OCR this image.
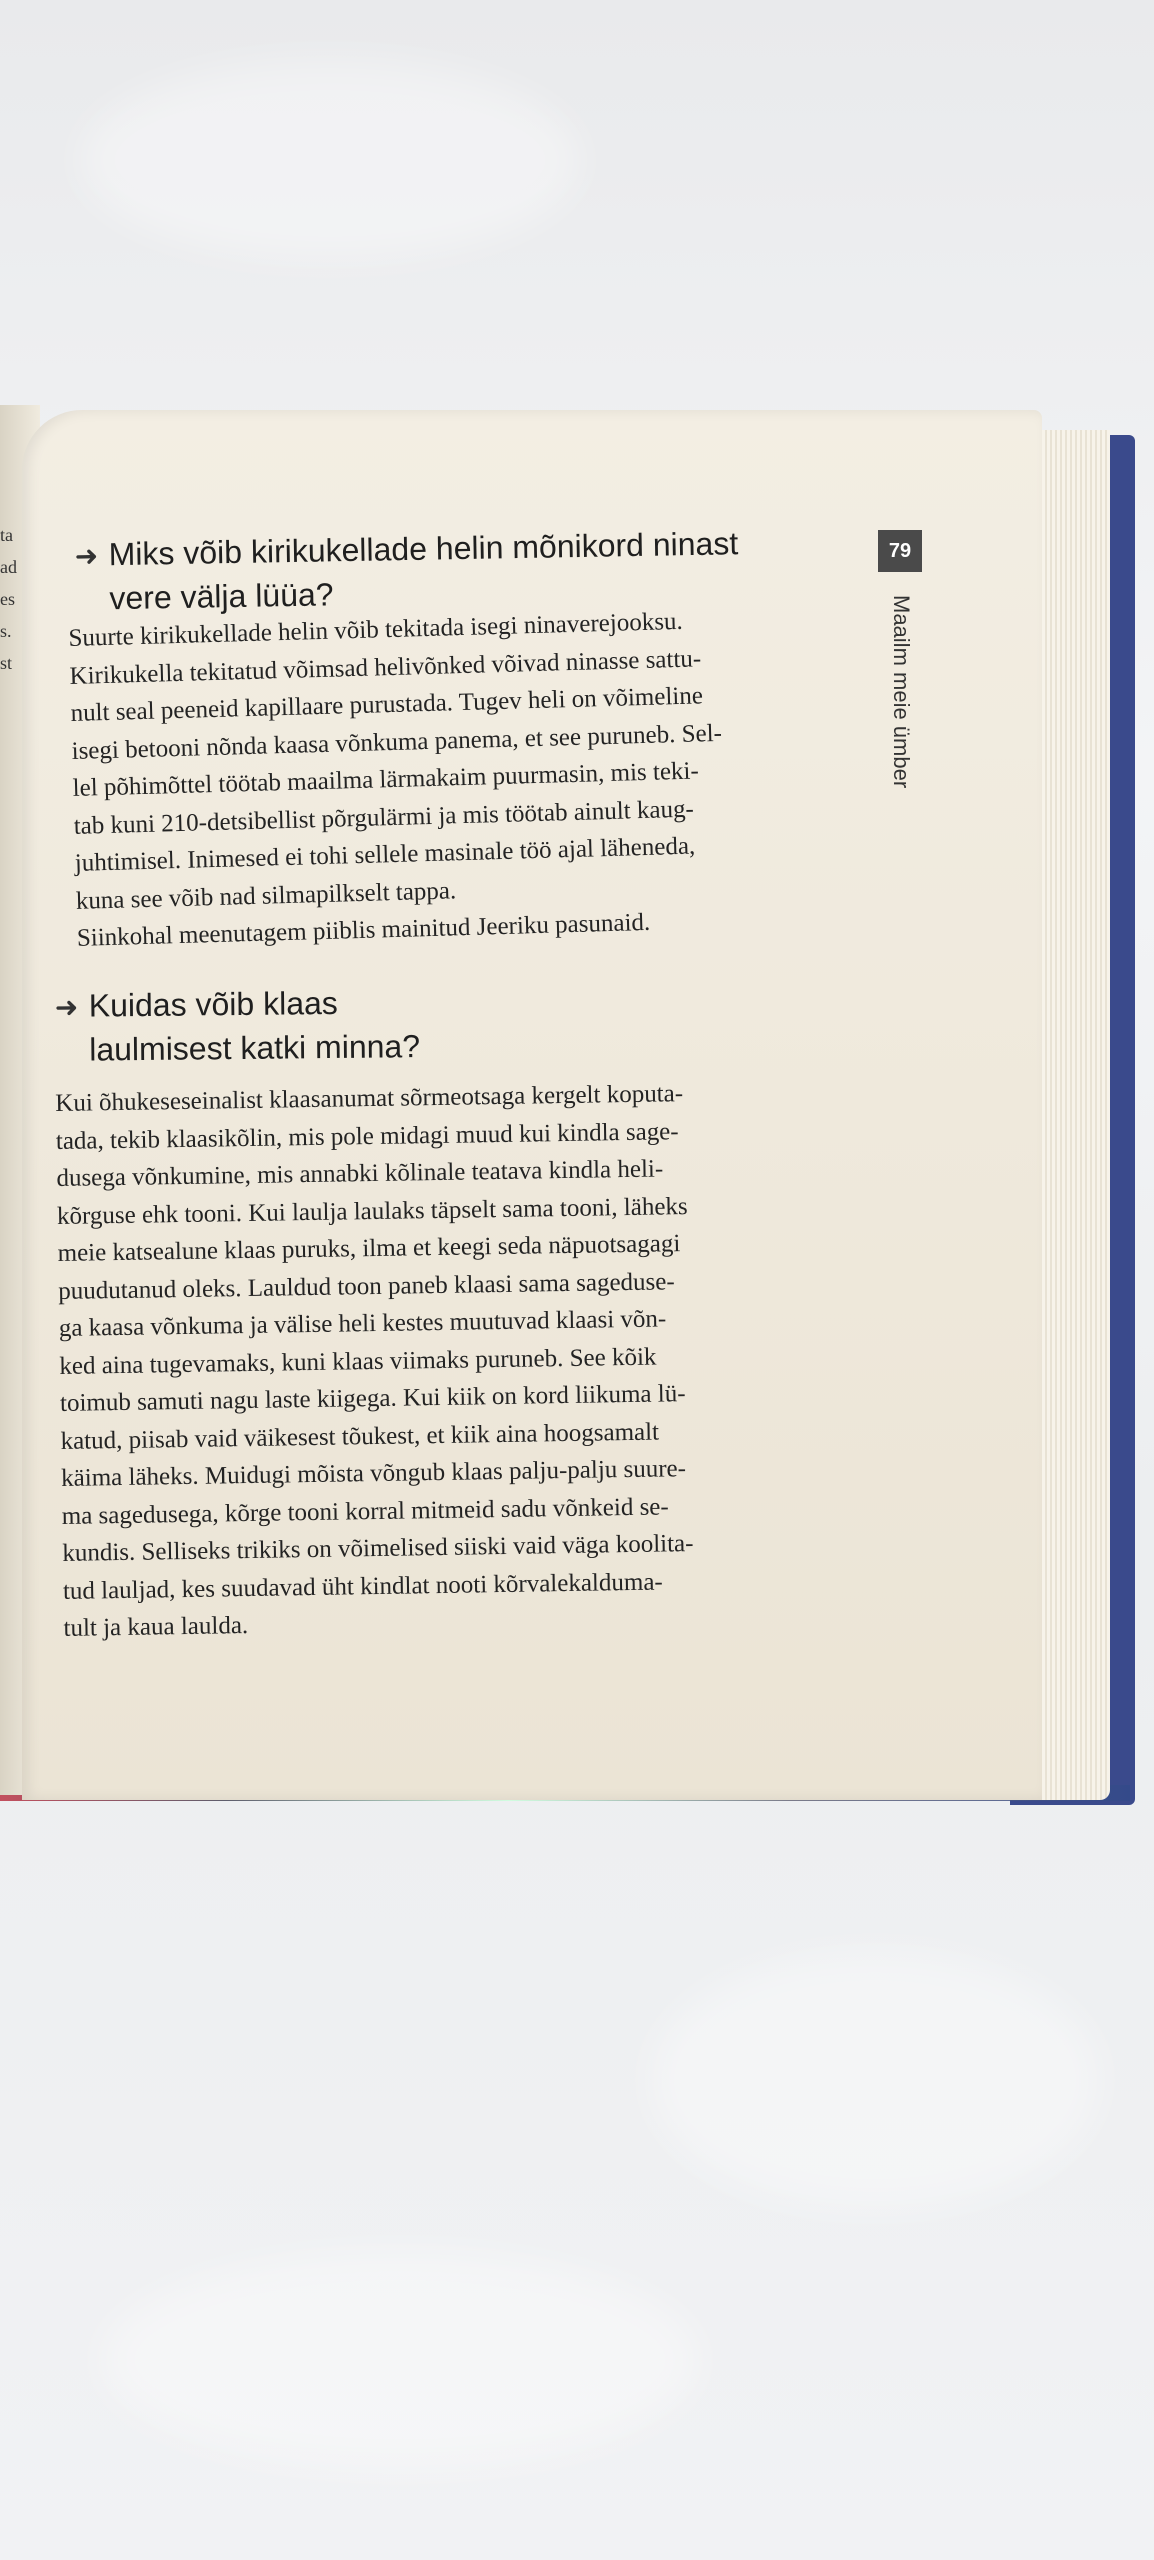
ta
ad
es
s.
st
79
Maailm meie ümber
➜ Miks võib kirikukellade helin mõnikord ninast
vere välja lüüa?
Suurte kirikukellade helin võib tekitada isegi ninaverejooksu.
Kirikukella tekitatud võimsad helivõnked võivad ninasse sattu-
nult seal peeneid kapillaare purustada. Tugev heli on võimeline
isegi betooni nõnda kaasa võnkuma panema, et see puruneb. Sel-
lel põhimõttel töötab maailma lärmakaim puurmasin, mis teki-
tab kuni 210-detsibellist põrgulärmi ja mis töötab ainult kaug-
juhtimisel. Inimesed ei tohi sellele masinale töö ajal läheneda,
kuna see võib nad silmapilkselt tappa.
Siinkohal meenutagem piiblis mainitud Jeeriku pasunaid.
➜ Kuidas võib klaas
laulmisest katki minna?
Kui õhukeseseinalist klaasanumat sõrmeotsaga kergelt koputa-
tada, tekib klaasikõlin, mis pole midagi muud kui kindla sage-
dusega võnkumine, mis annabki kõlinale teatava kindla heli-
kõrguse ehk tooni. Kui laulja laulaks täpselt sama tooni, läheks
meie katsealune klaas puruks, ilma et keegi seda näpuotsagagi
puudutanud oleks. Lauldud toon paneb klaasi sama sageduse-
ga kaasa võnkuma ja välise heli kestes muutuvad klaasi võn-
ked aina tugevamaks, kuni klaas viimaks puruneb. See kõik
toimub samuti nagu laste kiigega. Kui kiik on kord liikuma lü-
katud, piisab vaid väikesest tõukest, et kiik aina hoogsamalt
käima läheks. Muidugi mõista võngub klaas palju-palju suure-
ma sagedusega, kõrge tooni korral mitmeid sadu võnkeid se-
kundis. Selliseks trikiks on võimelised siiski vaid väga koolita-
tud lauljad, kes suudavad üht kindlat nooti kõrvalekalduma-
tult ja kaua laulda.
